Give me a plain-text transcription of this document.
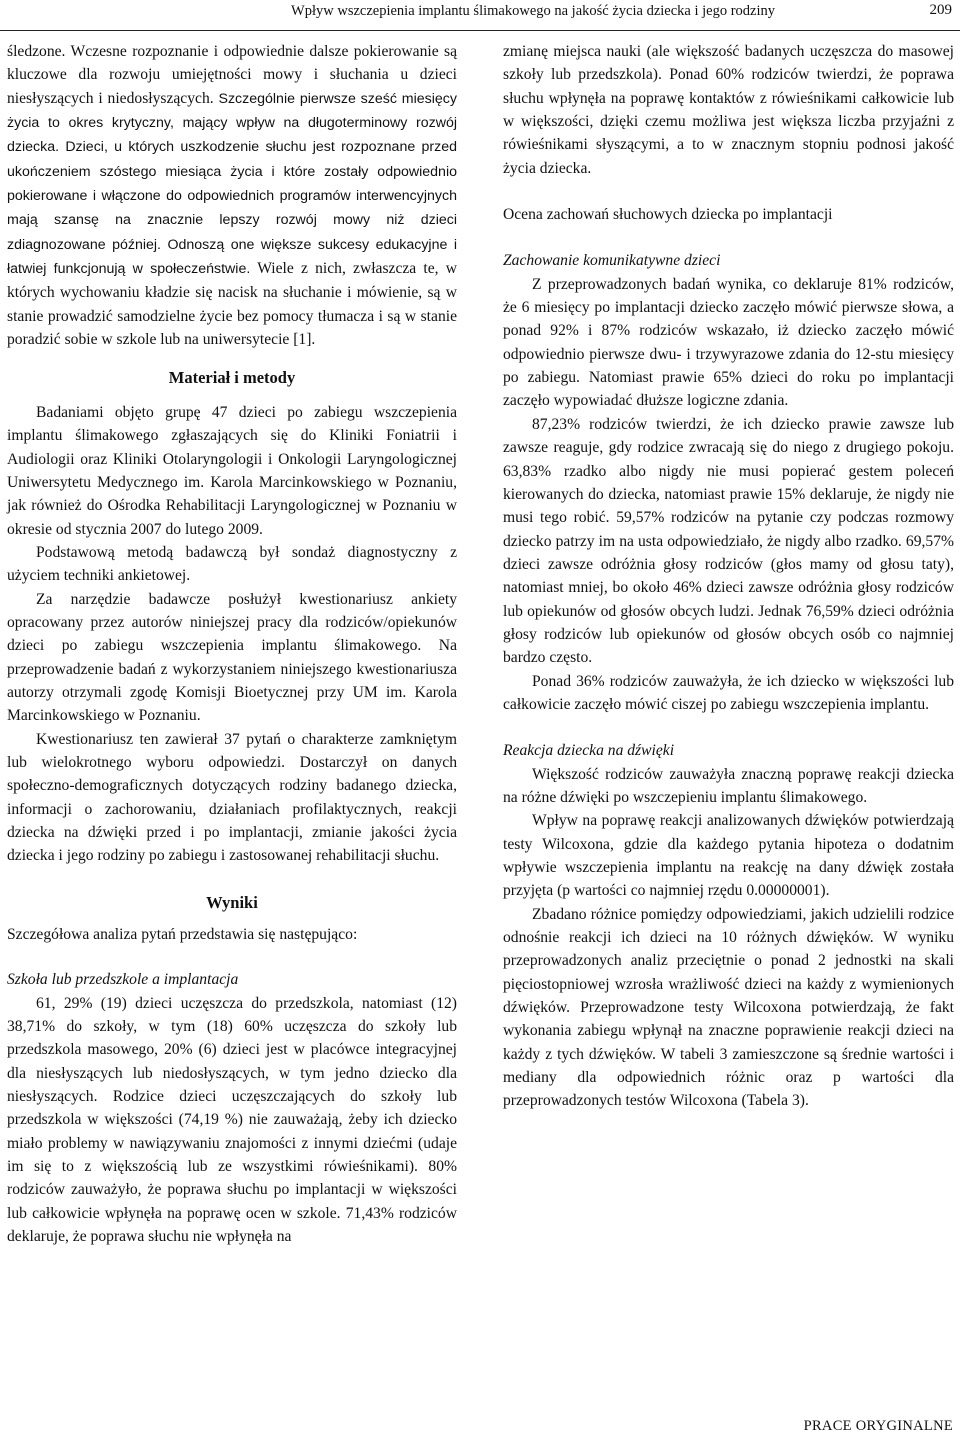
Wpływ wszczepienia implantu ślimakowego na jakość życia dziecka i jego rodziny	209

śledzone. Wczesne rozpoznanie i odpowiednie dalsze pokierowanie są kluczowe dla rozwoju umiejętności mowy i słuchania u dzieci niesłyszących i niedosłyszących. Szczególnie pierwsze sześć miesięcy życia to okres krytyczny, mający wpływ na długoterminowy rozwój dziecka. Dzieci, u których uszkodzenie słuchu jest rozpoznane przed ukończeniem szóstego miesiąca życia i które zostały odpowiednio pokierowane i włączone do odpowiednich programów interwencyjnych mają szansę na znacznie lepszy rozwój mowy niż dzieci zdiagnozowane później. Odnoszą one większe sukcesy edukacyjne i łatwiej funkcjonują w społeczeństwie. Wiele z nich, zwłaszcza te, w których wychowaniu kładzie się nacisk na słuchanie i mówienie, są w stanie prowadzić samodzielne życie bez pomocy tłumacza i są w stanie poradzić sobie w szkole lub na uniwersytecie [1].

Materiał i metody

Badaniami objęto grupę 47 dzieci po zabiegu wszczepienia implantu ślimakowego zgłaszających się do Kliniki Foniatrii i Audiologii oraz Kliniki Otolaryngologii i Onkologii Laryngologicznej Uniwersytetu Medycznego im. Karola Marcinkowskiego w Poznaniu, jak również do Ośrodka Rehabilitacji Laryngologicznej w Poznaniu w okresie od stycznia 2007 do lutego 2009.

Podstawową metodą badawczą był sondaż diagnostyczny z użyciem techniki ankietowej.

Za narzędzie badawcze posłużył kwestionariusz ankiety opracowany przez autorów niniejszej pracy dla rodziców/opiekunów dzieci po zabiegu wszczepienia implantu ślimakowego. Na przeprowadzenie badań z wykorzystaniem niniejszego kwestionariusza autorzy otrzymali zgodę Komisji Bioetycznej przy UM im. Karola Marcinkowskiego w Poznaniu.

Kwestionariusz ten zawierał 37 pytań o charakterze zamkniętym lub wielokrotnego wyboru odpowiedzi. Dostarczył on danych społeczno-demograficznych dotyczących rodziny badanego dziecka, informacji o zachorowaniu, działaniach profilaktycznych, reakcji dziecka na dźwięki przed i po implantacji, zmianie jakości życia dziecka i jego rodziny po zabiegu i zastosowanej rehabilitacji słuchu.

Wyniki

Szczegółowa analiza pytań przedstawia się następująco:

Szkoła lub przedszkole a implantacja

61, 29% (19) dzieci uczęszcza do przedszkola, natomiast (12) 38,71% do szkoły, w tym (18) 60% uczęszcza do szkoły lub przedszkola masowego, 20% (6) dzieci jest w placówce integracyjnej dla niesłyszących lub niedosłyszących, w tym jedno dziecko dla niesłyszących. Rodzice dzieci uczęszczających do szkoły lub przedszkola w większości (74,19 %) nie zauważają, żeby ich dziecko miało problemy w nawiązywaniu znajomości z innymi dziećmi (udaje im się to z większością lub ze wszystkimi rówieśnikami). 80% rodziców zauważyło, że poprawa słuchu po implantacji w większości lub całkowicie wpłynęła na poprawę ocen w szkole. 71,43% rodziców deklaruje, że poprawa słuchu nie wpłynęła na

zmianę miejsca nauki (ale większość badanych uczęszcza do masowej szkoły lub przedszkola). Ponad 60% rodziców twierdzi, że poprawa słuchu wpłynęła na poprawę kontaktów z rówieśnikami całkowicie lub w większości, dzięki czemu możliwa jest większa liczba przyjaźni z rówieśnikami słyszącymi, a to w znacznym stopniu podnosi jakość życia dziecka.

Ocena zachowań słuchowych dziecka po implantacji

Zachowanie komunikatywne dzieci

Z przeprowadzonych badań wynika, co deklaruje 81% rodziców, że 6 miesięcy po implantacji dziecko zaczęło mówić pierwsze słowa, a ponad 92% i 87% rodziców wskazało, iż dziecko zaczęło mówić odpowiednio pierwsze dwu- i trzywyrazowe zdania do 12-stu miesięcy po zabiegu. Natomiast prawie 65% dzieci do roku po implantacji zaczęło wypowiadać dłuższe logiczne zdania.

87,23% rodziców twierdzi, że ich dziecko prawie zawsze lub zawsze reaguje, gdy rodzice zwracają się do niego z drugiego pokoju. 63,83% rzadko albo nigdy nie musi popierać gestem poleceń kierowanych do dziecka, natomiast prawie 15% deklaruje, że nigdy nie musi tego robić. 59,57% rodziców na pytanie czy podczas rozmowy dziecko patrzy im na usta odpowiedziało, że nigdy albo rzadko. 69,57% dzieci zawsze odróżnia głosy rodziców (głos mamy od głosu taty), natomiast mniej, bo około 46% dzieci zawsze odróżnia głosy rodziców lub opiekunów od głosów obcych ludzi. Jednak 76,59% dzieci odróżnia głosy rodziców lub opiekunów od głosów obcych osób co najmniej bardzo często.

Ponad 36% rodziców zauważyła, że ich dziecko w większości lub całkowicie zaczęło mówić ciszej po zabiegu wszczepienia implantu.

Reakcja dziecka na dźwięki

Większość rodziców zauważyła znaczną poprawę reakcji dziecka na różne dźwięki po wszczepieniu implantu ślimakowego.

Wpływ na poprawę reakcji analizowanych dźwięków potwierdzają testy Wilcoxona, gdzie dla każdego pytania hipoteza o dodatnim wpływie wszczepienia implantu na reakcję na dany dźwięk została przyjęta (p wartości co najmniej rzędu 0.00000001).

Zbadano różnice pomiędzy odpowiedziami, jakich udzielili rodzice odnośnie reakcji ich dzieci na 10 różnych dźwięków. W wyniku przeprowadzonych analiz przeciętnie o ponad 2 jednostki na skali pięciostopniowej wzrosła wrażliwość dzieci na każdy z wymienionych dźwięków. Przeprowadzone testy Wilcoxona potwierdzają, że fakt wykonania zabiegu wpłynął na znaczne poprawienie reakcji dzieci na każdy z tych dźwięków. W tabeli 3 zamieszczone są średnie wartości i mediany dla odpowiednich różnic oraz p wartości dla przeprowadzonych testów Wilcoxona (Tabela 3).

PRACE ORYGINALNE
